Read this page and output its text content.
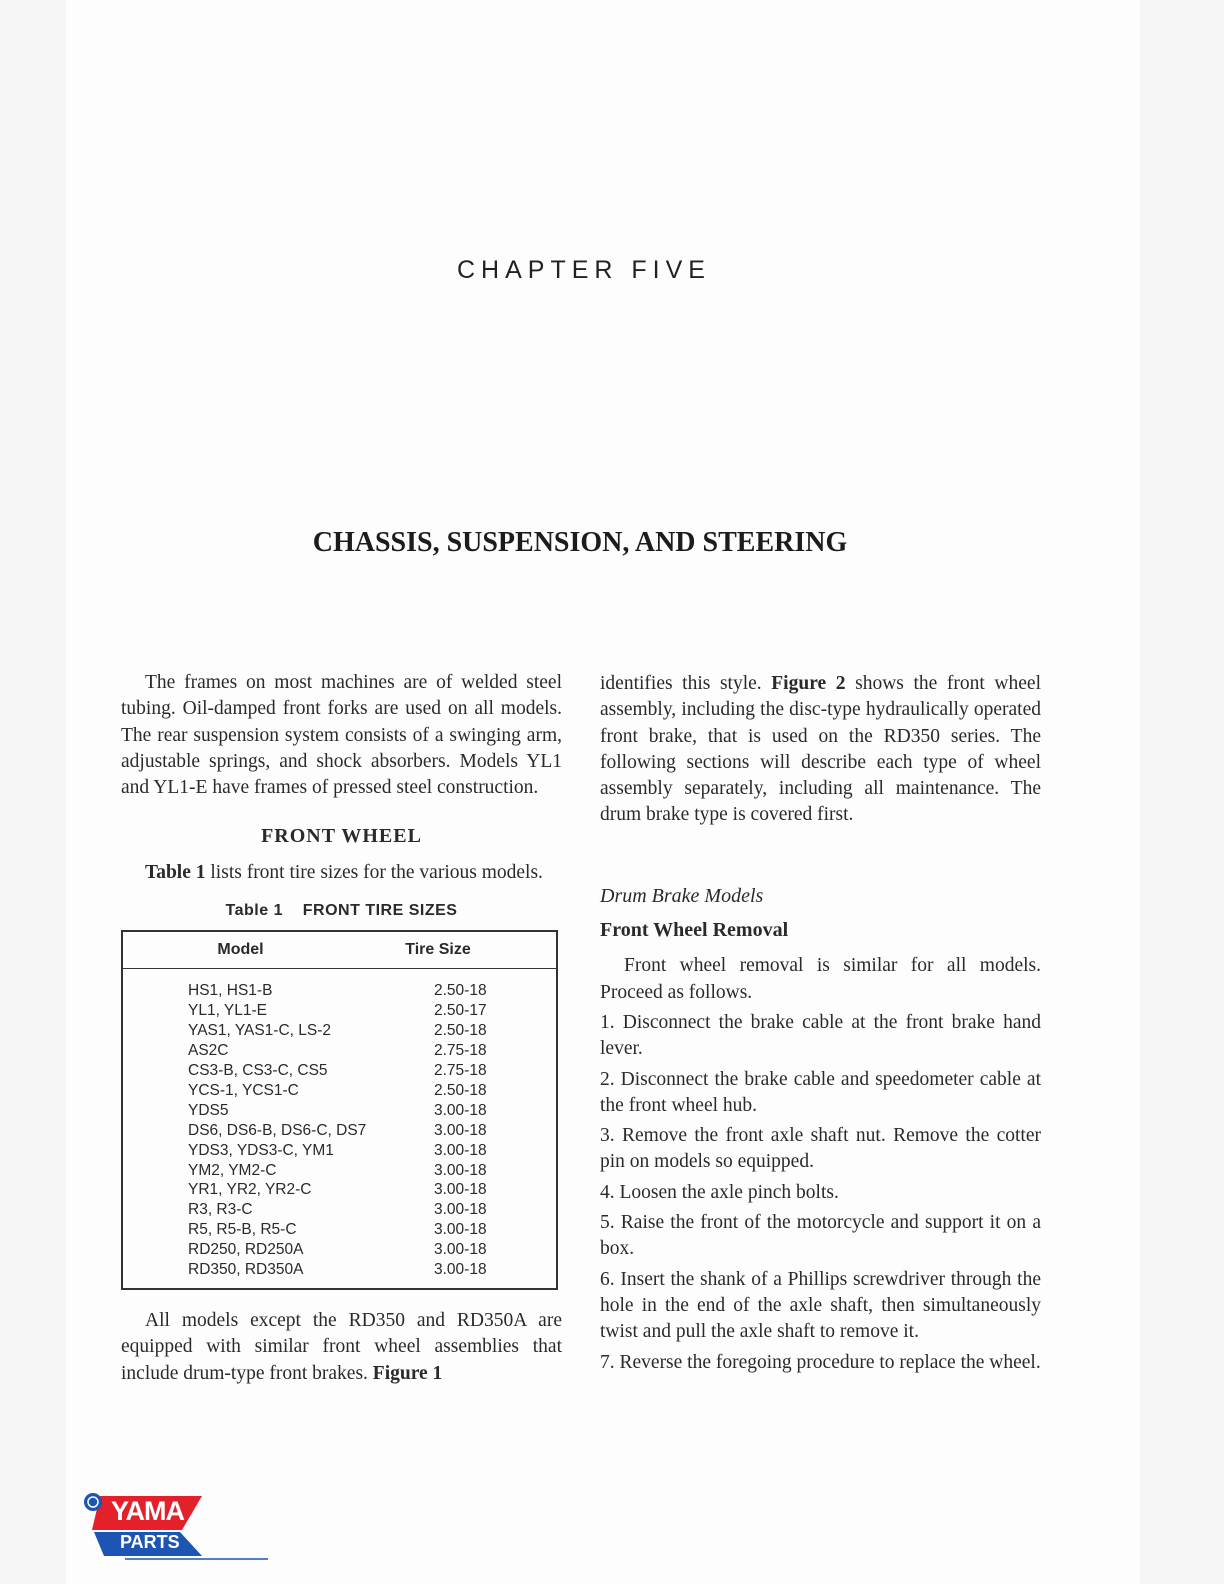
CHAPTER FIVE
CHASSIS, SUSPENSION, AND STEERING

The frames on most machines are of welded steel tubing. Oil-damped front forks are used on all models. The rear suspension system consists of a swinging arm, adjustable springs, and shock absorbers. Models YL1 and YL1-E have frames of pressed steel construction.

FRONT WHEEL

Table 1 lists front tire sizes for the various models.

Table 1    FRONT TIRE SIZES
Model	Tire Size
HS1, HS1-B	2.50-18
YL1, YL1-E	2.50-17
YAS1, YAS1-C, LS-2	2.50-18
AS2C	2.75-18
CS3-B, CS3-C, CS5	2.75-18
YCS-1, YCS1-C	2.50-18
YDS5	3.00-18
DS6, DS6-B, DS6-C, DS7	3.00-18
YDS3, YDS3-C, YM1	3.00-18
YM2, YM2-C	3.00-18
YR1, YR2, YR2-C	3.00-18
R3, R3-C	3.00-18
R5, R5-B, R5-C	3.00-18
RD250, RD250A	3.00-18
RD350, RD350A	3.00-18

All models except the RD350 and RD350A are equipped with similar front wheel assemblies that include drum-type front brakes. Figure 1

identifies this style. Figure 2 shows the front wheel assembly, including the disc-type hydraulically operated front brake, that is used on the RD350 series. The following sections will describe each type of wheel assembly separately, including all maintenance. The drum brake type is covered first.

Drum Brake Models
Front Wheel Removal

Front wheel removal is similar for all models. Proceed as follows.

1. Disconnect the brake cable at the front brake hand lever.

2. Disconnect the brake cable and speedometer cable at the front wheel hub.

3. Remove the front axle shaft nut. Remove the cotter pin on models so equipped.

4. Loosen the axle pinch bolts.

5. Raise the front of the motorcycle and support it on a box.

6. Insert the shank of a Phillips screwdriver through the hole in the end of the axle shaft, then simultaneously twist and pull the axle shaft to remove it.

7. Reverse the foregoing procedure to replace the wheel.

YAMA
PARTS
